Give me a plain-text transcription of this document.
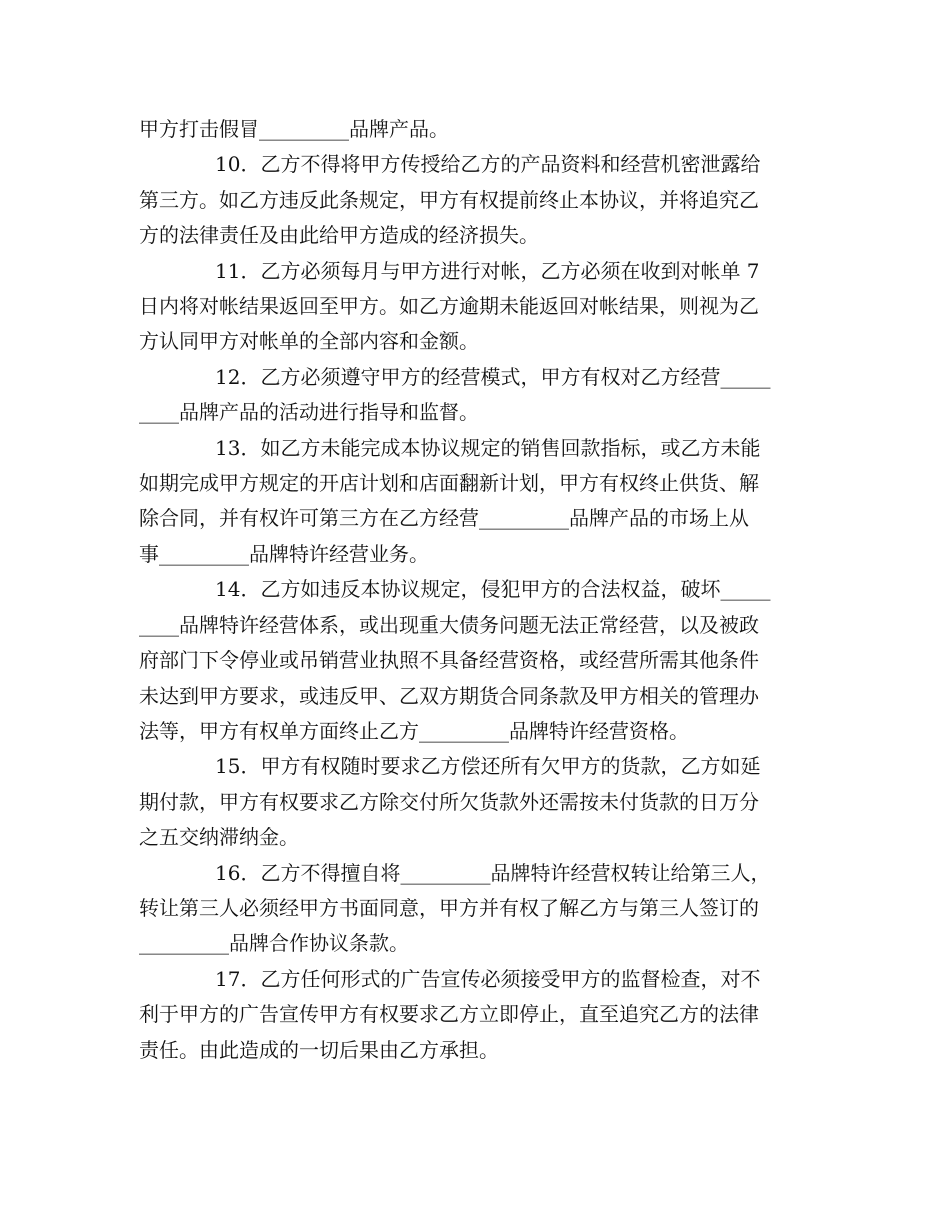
甲方打击假冒_________品牌产品。

10．乙方不得将甲方传授给乙方的产品资料和经营机密泄露给
第三方。如乙方违反此条规定，甲方有权提前终止本协议，并将追究乙
方的法律责任及由此给甲方造成的经济损失。

11．乙方必须每月与甲方进行对帐，乙方必须在收到对帐单 7
日内将对帐结果返回至甲方。如乙方逾期未能返回对帐结果，则视为乙
方认同甲方对帐单的全部内容和金额。

12．乙方必须遵守甲方的经营模式，甲方有权对乙方经营_____
____品牌产品的活动进行指导和监督。

13．如乙方未能完成本协议规定的销售回款指标，或乙方未能
如期完成甲方规定的开店计划和店面翻新计划，甲方有权终止供货、解
除合同，并有权许可第三方在乙方经营_________品牌产品的市场上从
事_________品牌特许经营业务。

14．乙方如违反本协议规定，侵犯甲方的合法权益，破坏_____
____品牌特许经营体系，或出现重大债务问题无法正常经营，以及被政
府部门下令停业或吊销营业执照不具备经营资格，或经营所需其他条件
未达到甲方要求，或违反甲、乙双方期货合同条款及甲方相关的管理办
法等，甲方有权单方面终止乙方_________品牌特许经营资格。

15．甲方有权随时要求乙方偿还所有欠甲方的货款，乙方如延
期付款，甲方有权要求乙方除交付所欠货款外还需按未付货款的日万分
之五交纳滞纳金。

16．乙方不得擅自将_________品牌特许经营权转让给第三人，
转让第三人必须经甲方书面同意，甲方并有权了解乙方与第三人签订的
_________品牌合作协议条款。

17．乙方任何形式的广告宣传必须接受甲方的监督检查，对不
利于甲方的广告宣传甲方有权要求乙方立即停止，直至追究乙方的法律
责任。由此造成的一切后果由乙方承担。
